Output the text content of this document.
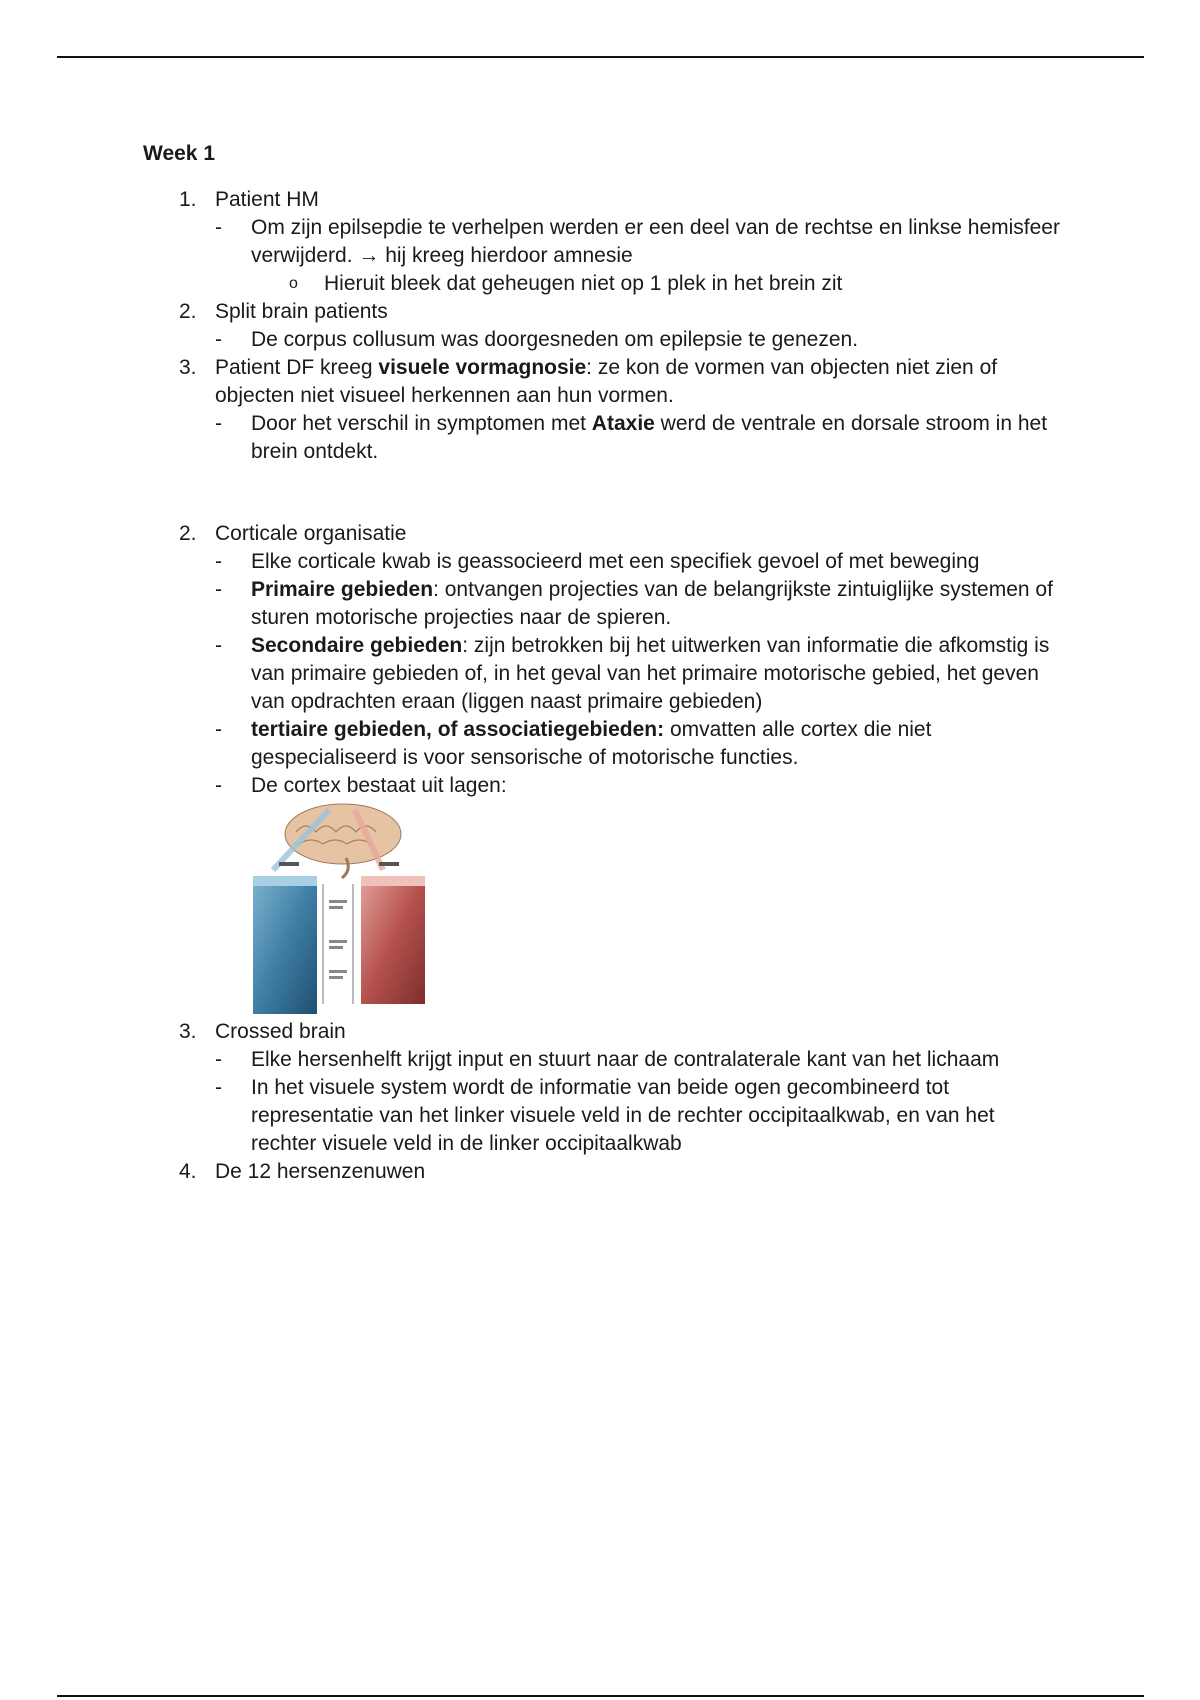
Week 1
1. Patient HM
- Om zijn epilsepdie te verhelpen werden er een deel van de rechtse en linkse hemisfeer verwijderd. → hij kreeg hierdoor amnesie
o Hieruit bleek dat geheugen niet op 1 plek in het brein zit
2. Split brain patients
- De corpus collusum was doorgesneden om epilepsie te genezen.
3. Patient DF kreeg visuele vormagnosie: ze kon de vormen van objecten niet zien of objecten niet visueel herkennen aan hun vormen.
- Door het verschil in symptomen met Ataxie werd de ventrale en dorsale stroom in het brein ontdekt.
2. Corticale organisatie
- Elke corticale kwab is geassocieerd met een specifiek gevoel of met beweging
- Primaire gebieden: ontvangen projecties van de belangrijkste zintuiglijke systemen of sturen motorische projecties naar de spieren.
- Secondaire gebieden: zijn betrokken bij het uitwerken van informatie die afkomstig is van primaire gebieden of, in het geval van het primaire motorische gebied, het geven van opdrachten eraan (liggen naast primaire gebieden)
- tertiaire gebieden, of associatiegebieden: omvatten alle cortex die niet gespecialiseerd is voor sensorische of motorische functies.
- De cortex bestaat uit lagen:
3. Crossed brain
- Elke hersenhelft krijgt input en stuurt naar de contralaterale kant van het lichaam
- In het visuele system wordt de informatie van beide ogen gecombineerd tot representatie van het linker visuele veld in de rechter occipitaalkwab, en van het rechter visuele veld in de linker occipitaalkwab
4. De 12 hersenzenuwen
